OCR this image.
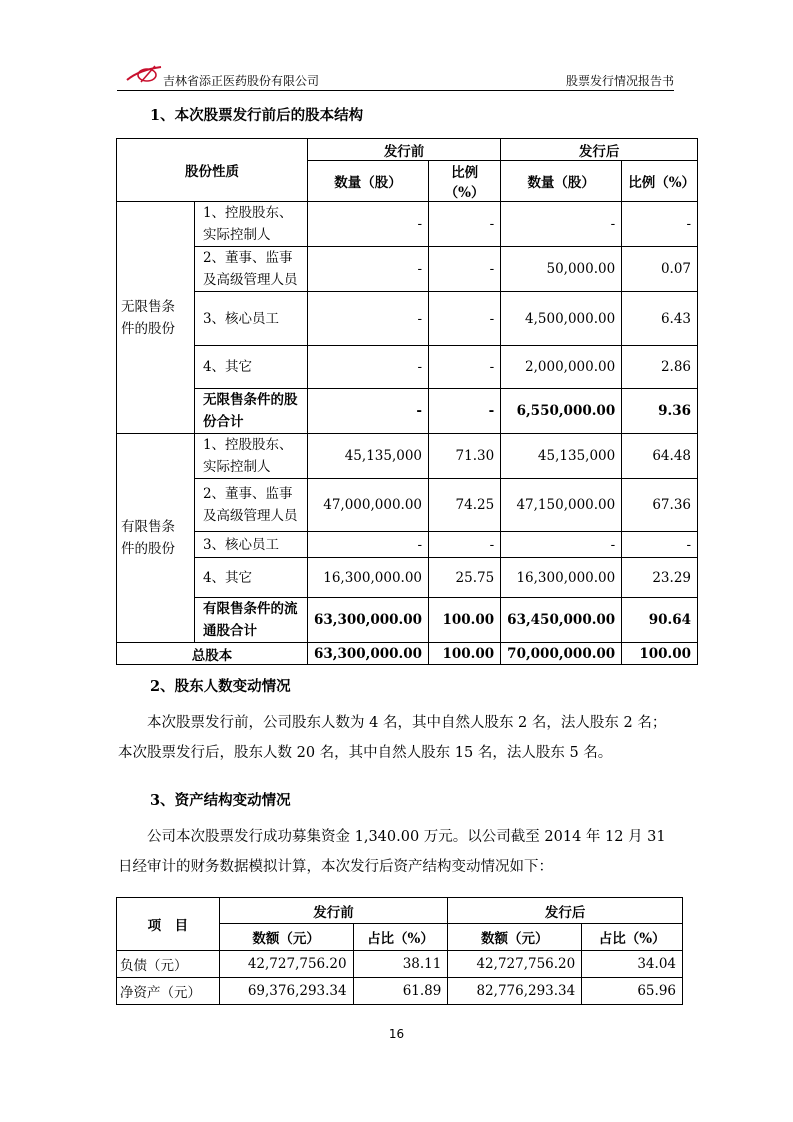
吉林省添正医药股份有限公司	股票发行情况报告书
1、本次股票发行前后的股本结构
股份性质		发行前		发行后	
		数量（股）	比例（%）	数量（股）	比例（%）
无限售条件的股份	1、控股股东、实际控制人	-	-	-	-
	2、董事、监事及高级管理人员	-	-	50,000.00	0.07
	3、核心员工	-	-	4,500,000.00	6.43
	4、其它	-	-	2,000,000.00	2.86
	无限售条件的股份合计	-	-	6,550,000.00	9.36
有限售条件的股份	1、控股股东、实际控制人	45,135,000	71.30	45,135,000	64.48
	2、董事、监事及高级管理人员	47,000,000.00	74.25	47,150,000.00	67.36
	3、核心员工	-	-	-	-
	4、其它	16,300,000.00	25.75	16,300,000.00	23.29
	有限售条件的流通股合计	63,300,000.00	100.00	63,450,000.00	90.64
总股本		63,300,000.00	100.00	70,000,000.00	100.00
2、股东人数变动情况
本次股票发行前，公司股东人数为 4 名，其中自然人股东 2 名，法人股东 2 名；本次股票发行后，股东人数 20 名，其中自然人股东 15 名，法人股东 5 名。
3、资产结构变动情况
公司本次股票发行成功募集资金 1,340.00 万元。以公司截至 2014 年 12 月 31 日经审计的财务数据模拟计算，本次发行后资产结构变动情况如下：
项　目	发行前		发行后	
	数额（元）	占比（%）	数额（元）	占比（%）
负债（元）	42,727,756.20	38.11	42,727,756.20	34.04
净资产（元）	69,376,293.34	61.89	82,776,293.34	65.96
16
